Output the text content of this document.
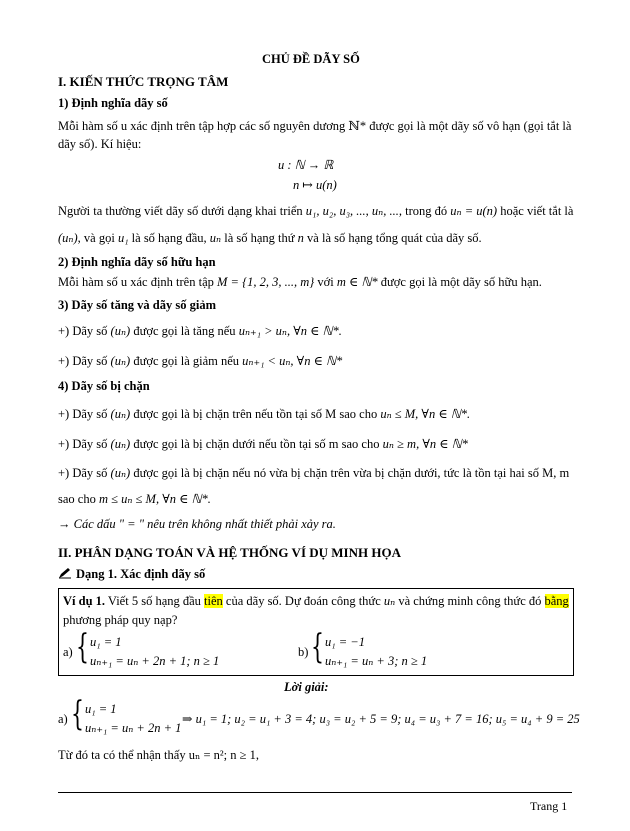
CHỦ ĐỀ DÃY SỐ
I. KIẾN THỨC TRỌNG TÂM
1) Định nghĩa dãy số
Mỗi hàm số u xác định trên tập hợp các số nguyên dương ℕ* được gọi là một dãy số vô hạn (gọi tắt là
dãy số). Kí hiệu:
u : ℕ → ℝ
n ↦ u(n)
Người ta thường viết dãy số dưới dạng khai triển u₁, u₂, u₃, ..., uₙ, ..., trong đó uₙ = u(n) hoặc viết tắt là
(uₙ), và gọi u₁ là số hạng đầu, uₙ là số hạng thứ n và là số hạng tổng quát của dãy số.
2) Định nghĩa dãy số hữu hạn
Mỗi hàm số u xác định trên tập M = {1, 2, 3, ..., m} với m ∈ ℕ* được gọi là một dãy số hữu hạn.
3) Dãy số tăng và dãy số giảm
+) Dãy số (uₙ) được gọi là tăng nếu uₙ₊₁ > uₙ, ∀n ∈ ℕ*.
+) Dãy số (uₙ) được gọi là giảm nếu uₙ₊₁ < uₙ, ∀n ∈ ℕ*
4) Dãy số bị chặn
+) Dãy số (uₙ) được gọi là bị chặn trên nếu tồn tại số M sao cho uₙ ≤ M, ∀n ∈ ℕ*.
+) Dãy số (uₙ) được gọi là bị chặn dưới nếu tồn tại số m sao cho uₙ ≥ m, ∀n ∈ ℕ*
+) Dãy số (uₙ) được gọi là bị chặn nếu nó vừa bị chặn trên vừa bị chặn dưới, tức là tồn tại hai số M, m
sao cho m ≤ uₙ ≤ M, ∀n ∈ ℕ*.
→ Các dấu " = " nêu trên không nhất thiết phải xảy ra.
II. PHÂN DẠNG TOÁN VÀ HỆ THỐNG VÍ DỤ MINH HỌA
Dạng 1. Xác định dãy số
Ví dụ 1. Viết 5 số hạng đầu tiên của dãy số. Dự đoán công thức uₙ và chứng minh công thức đó bằng
phương pháp quy nạp?
a) { u₁ = 1
uₙ₊₁ = uₙ + 2n + 1; n ≥ 1
b) { u₁ = −1
uₙ₊₁ = uₙ + 3; n ≥ 1
Lời giải:
a) { u₁ = 1
uₙ₊₁ = uₙ + 2n + 1
⇒ u₁ = 1; u₂ = u₁ + 3 = 4; u₃ = u₂ + 5 = 9; u₄ = u₃ + 7 = 16; u₅ = u₄ + 9 = 25
Từ đó ta có thể nhận thấy uₙ = n²; n ≥ 1,
Trang 1
